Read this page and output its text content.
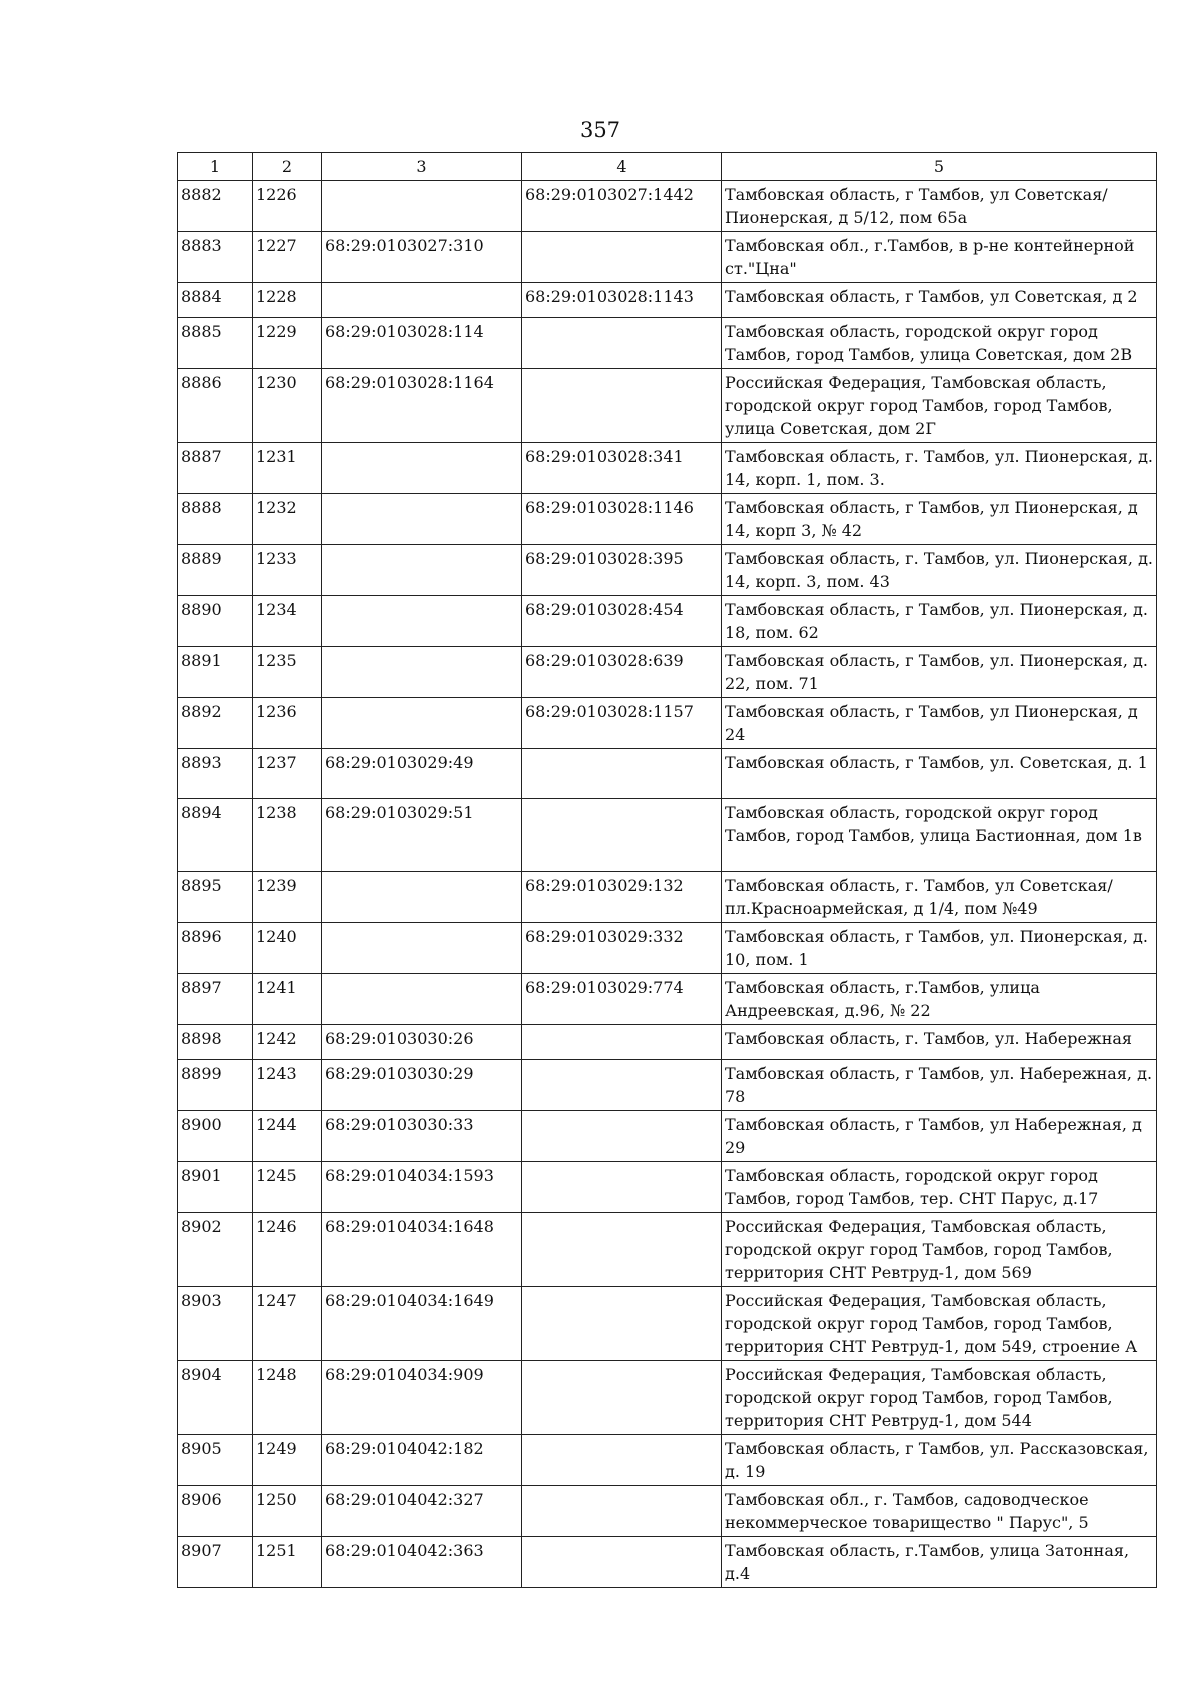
357
1	2	3	4	5
8882	1226		68:29:0103027:1442	Тамбовская область, г Тамбов, ул Советская/Пионерская, д 5/12, пом 65а
8883	1227	68:29:0103027:310		Тамбовская обл., г.Тамбов, в р-не контейнерной ст."Цна"
8884	1228		68:29:0103028:1143	Тамбовская область, г Тамбов, ул Советская, д 2
8885	1229	68:29:0103028:114		Тамбовская область, городской округ город Тамбов, город Тамбов, улица Советская, дом 2В
8886	1230	68:29:0103028:1164		Российская Федерация, Тамбовская область, городской округ город Тамбов, город Тамбов, улица Советская, дом 2Г
8887	1231		68:29:0103028:341	Тамбовская область, г. Тамбов, ул. Пионерская, д. 14, корп. 1, пом. 3.
8888	1232		68:29:0103028:1146	Тамбовская область, г Тамбов, ул Пионерская, д 14, корп 3, № 42
8889	1233		68:29:0103028:395	Тамбовская область, г. Тамбов, ул. Пионерская, д. 14, корп. 3, пом. 43
8890	1234		68:29:0103028:454	Тамбовская область, г Тамбов, ул. Пионерская, д. 18, пом. 62
8891	1235		68:29:0103028:639	Тамбовская область, г Тамбов, ул. Пионерская, д. 22, пом. 71
8892	1236		68:29:0103028:1157	Тамбовская область, г Тамбов, ул Пионерская, д 24
8893	1237	68:29:0103029:49		Тамбовская область, г Тамбов, ул. Советская, д. 1
8894	1238	68:29:0103029:51		Тамбовская область, городской округ город Тамбов, город Тамбов, улица Бастионная, дом 1в
8895	1239		68:29:0103029:132	Тамбовская область, г. Тамбов, ул Советская/пл.Красноармейская, д 1/4, пом №49
8896	1240		68:29:0103029:332	Тамбовская область, г Тамбов, ул. Пионерская, д. 10, пом. 1
8897	1241		68:29:0103029:774	Тамбовская область, г.Тамбов, улица Андреевская, д.96, № 22
8898	1242	68:29:0103030:26		Тамбовская область, г. Тамбов, ул. Набережная
8899	1243	68:29:0103030:29		Тамбовская область, г Тамбов, ул. Набережная, д. 78
8900	1244	68:29:0103030:33		Тамбовская область, г Тамбов, ул Набережная, д 29
8901	1245	68:29:0104034:1593		Тамбовская область, городской округ город Тамбов, город Тамбов, тер. СНТ Парус, д.17
8902	1246	68:29:0104034:1648		Российская Федерация, Тамбовская область, городской округ город Тамбов, город Тамбов, территория СНТ Ревтруд-1, дом 569
8903	1247	68:29:0104034:1649		Российская Федерация, Тамбовская область, городской округ город Тамбов, город Тамбов, территория СНТ Ревтруд-1, дом 549, строение А
8904	1248	68:29:0104034:909		Российская Федерация, Тамбовская область, городской округ город Тамбов, город Тамбов, территория СНТ Ревтруд-1, дом 544
8905	1249	68:29:0104042:182		Тамбовская область, г Тамбов, ул. Рассказовская, д. 19
8906	1250	68:29:0104042:327		Тамбовская обл., г. Тамбов, садоводческое некоммерческое товарищество " Парус", 5
8907	1251	68:29:0104042:363		Тамбовская область, г.Тамбов, улица Затонная, д.4
